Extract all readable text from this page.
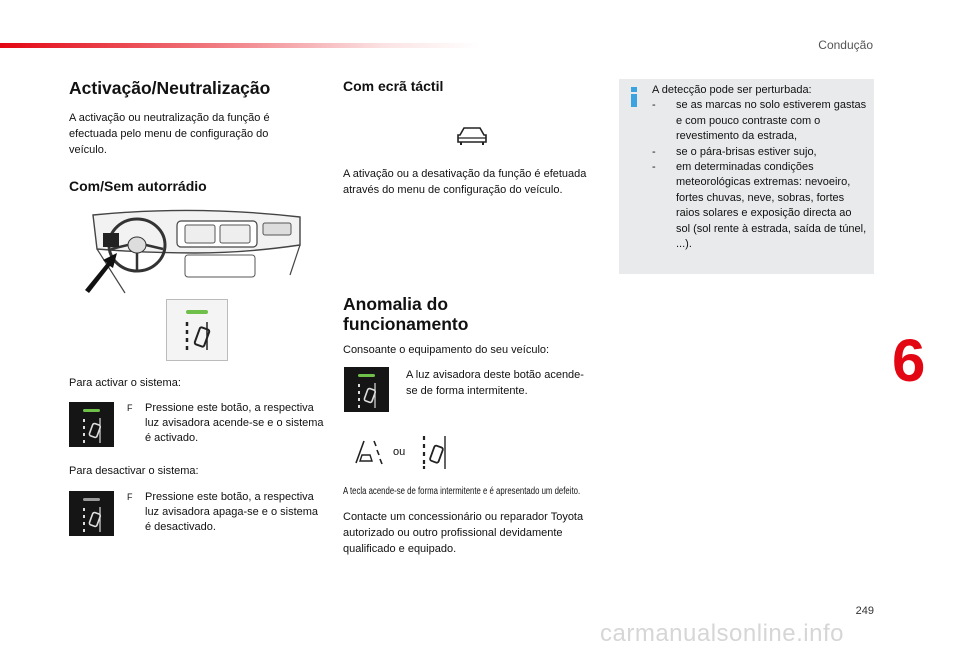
Condução
Activação/Neutralização
A activação ou neutralização da função é efectuada pelo menu de configuração do veículo.
Com/Sem autorrádio
Para activar o sistema:
F Pressione este botão, a respectiva luz avisadora acende-se e o sistema é activado.
Para desactivar o sistema:
F Pressione este botão, a respectiva luz avisadora apaga-se e o sistema é desactivado.
Com ecrã táctil
A ativação ou a desativação da função é efetuada através do menu de configuração do veículo.
Anomalia do funcionamento
Consoante o equipamento do seu veículo:
A luz avisadora deste botão acende-se de forma intermitente.
ou
A tecla acende-se de forma intermitente e é apresentado um defeito.
Contacte um concessionário ou reparador Toyota autorizado ou outro profissional devidamente qualificado e equipado.
A detecção pode ser perturbada:
- se as marcas no solo estiverem gastas e com pouco contraste com o revestimento da estrada,
- se o pára-brisas estiver sujo,
- em determinadas condições meteorológicas extremas: nevoeiro, fortes chuvas, neve, sobras, fortes raios solares e exposição directa ao sol (sol rente à estrada, saída de túnel, ...).
6
249
carmanualsonline.info
